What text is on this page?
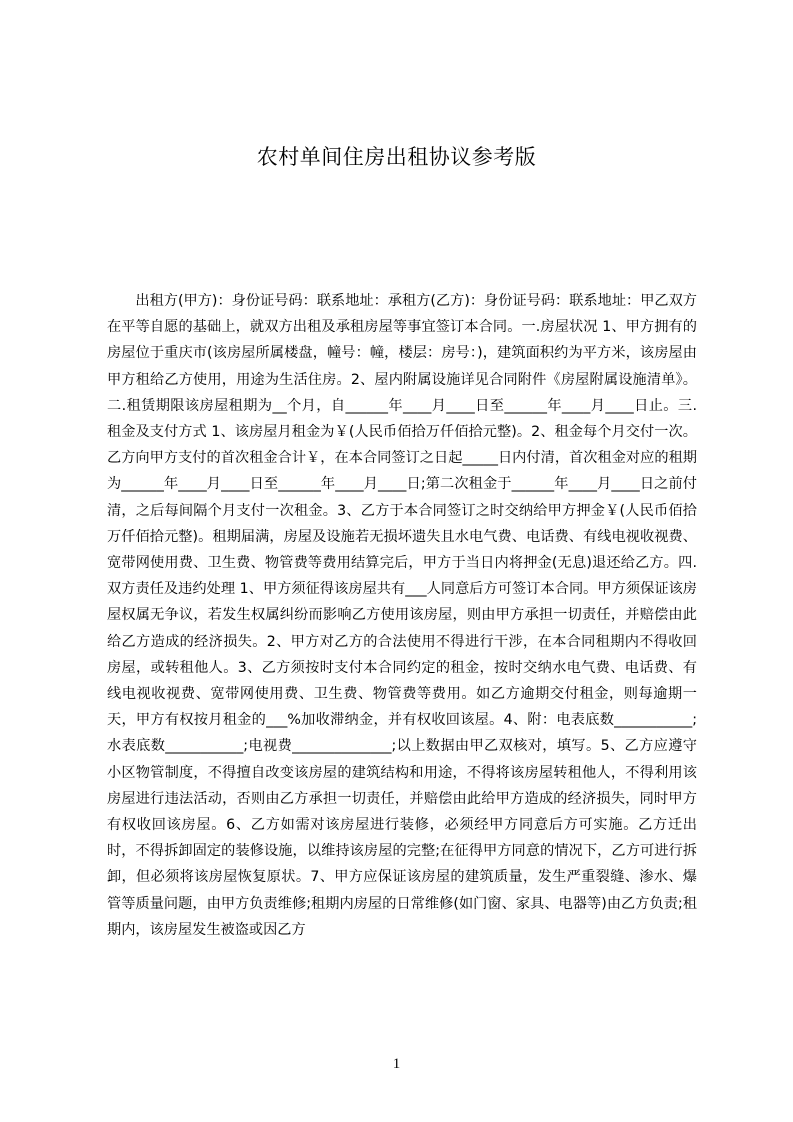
农村单间住房出租协议参考版

出租方(甲方)：身份证号码：联系地址：承租方(乙方)：身份证号码：联系地址：甲乙双方在平等自愿的基础上，就双方出租及承租房屋等事宜签订本合同。一.房屋状况 1、甲方拥有的房屋位于重庆市(该房屋所属楼盘，幢号：幢，楼层：房号：)，建筑面积约为平方米，该房屋由甲方租给乙方使用，用途为生活住房。2、屋内附属设施详见合同附件《房屋附属设施清单》。二.租赁期限该房屋租期为__个月，自______年____月____日至______年____月____日止。三.租金及支付方式 1、该房屋月租金为￥(人民币佰拾万仟佰拾元整)。2、租金每个月交付一次。乙方向甲方支付的首次租金合计￥，在本合同签订之日起_____日内付清，首次租金对应的租期为______年____月____日至______年____月____日;第二次租金于______年____月____日之前付清，之后每间隔个月支付一次租金。3、乙方于本合同签订之时交纳给甲方押金￥(人民币佰拾万仟佰拾元整)。租期届满，房屋及设施若无损坏遗失且水电气费、电话费、有线电视收视费、宽带网使用费、卫生费、物管费等费用结算完后，甲方于当日内将押金(无息)退还给乙方。四.双方责任及违约处理 1、甲方须征得该房屋共有___人同意后方可签订本合同。甲方须保证该房屋权属无争议，若发生权属纠纷而影响乙方使用该房屋，则由甲方承担一切责任，并赔偿由此给乙方造成的经济损失。2、甲方对乙方的合法使用不得进行干涉，在本合同租期内不得收回房屋，或转租他人。3、乙方须按时支付本合同约定的租金，按时交纳水电气费、电话费、有线电视收视费、宽带网使用费、卫生费、物管费等费用。如乙方逾期交付租金，则每逾期一天，甲方有权按月租金的___%加收滞纳金，并有权收回该屋。4、附：电表底数___________;水表底数___________;电视费______________;以上数据由甲乙双核对，填写。5、乙方应遵守小区物管制度，不得擅自改变该房屋的建筑结构和用途，不得将该房屋转租他人，不得利用该房屋进行违法活动，否则由乙方承担一切责任，并赔偿由此给甲方造成的经济损失，同时甲方有权收回该房屋。6、乙方如需对该房屋进行装修，必须经甲方同意后方可实施。乙方迁出时，不得拆卸固定的装修设施，以维持该房屋的完整;在征得甲方同意的情况下，乙方可进行拆卸，但必须将该房屋恢复原状。7、甲方应保证该房屋的建筑质量，发生严重裂缝、渗水、爆管等质量问题，由甲方负责维修;租期内房屋的日常维修(如门窗、家具、电器等)由乙方负责;租期内，该房屋发生被盗或因乙方

1
